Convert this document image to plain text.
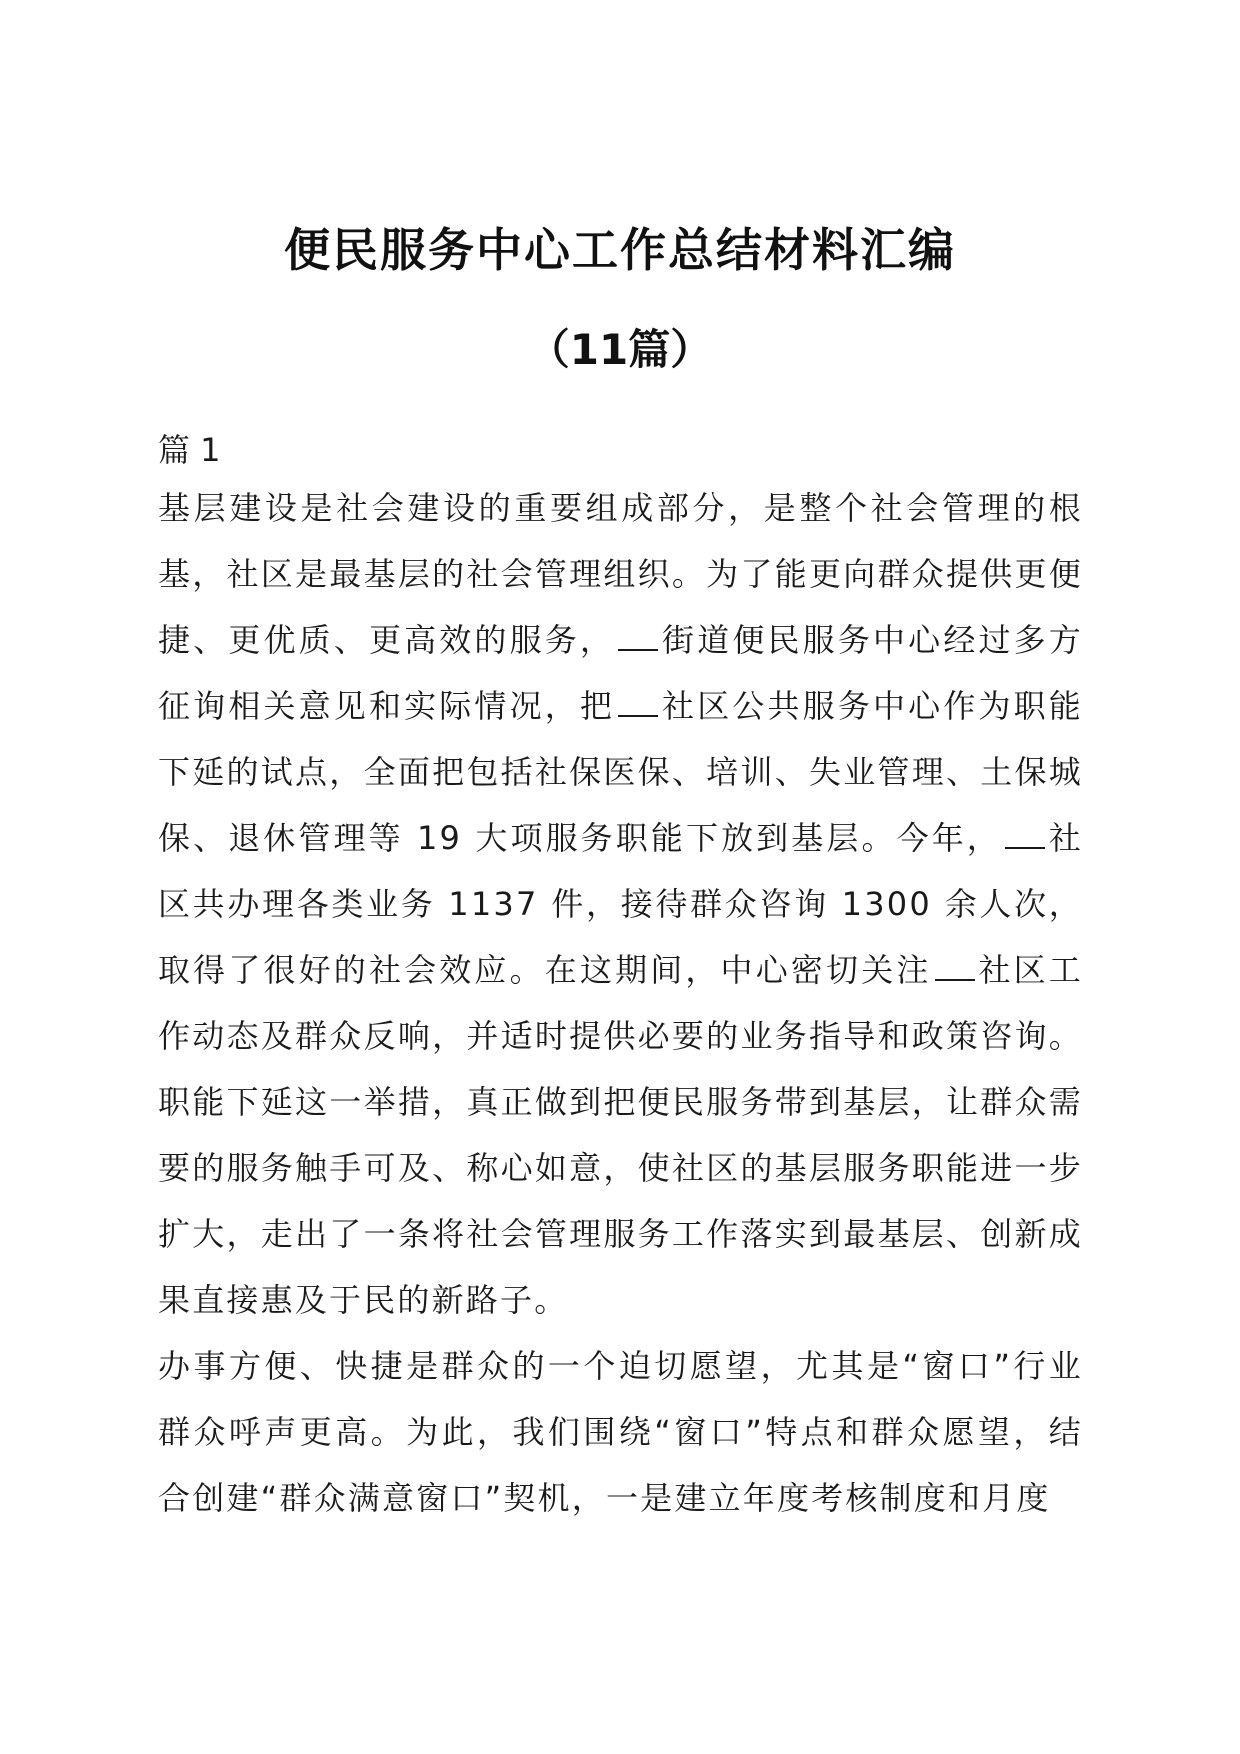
便民服务中心工作总结材料汇编
（11篇）
篇 1

基层建设是社会建设的重要组成部分，是整个社会管理的根基，社区是最基层的社会管理组织。为了能更向群众提供更便捷、更优质、更高效的服务， 街道便民服务中心经过多方征询相关意见和实际情况，把 社区公共服务中心作为职能下延的试点，全面把包括社保医保、培训、失业管理、土保城保、退休管理等 19 大项服务职能下放到基层。今年， 社区共办理各类业务 1137 件，接待群众咨询 1300 余人次，取得了很好的社会效应。在这期间，中心密切关注 社区工作动态及群众反响，并适时提供必要的业务指导和政策咨询。职能下延这一举措，真正做到把便民服务带到基层，让群众需要的服务触手可及、称心如意，使社区的基层服务职能进一步扩大，走出了一条将社会管理服务工作落实到最基层、创新成果直接惠及于民的新路子。

办事方便、快捷是群众的一个迫切愿望，尤其是“窗口”行业群众呼声更高。为此，我们围绕“窗口”特点和群众愿望，结合创建“群众满意窗口”契机，一是建立年度考核制度和月度
